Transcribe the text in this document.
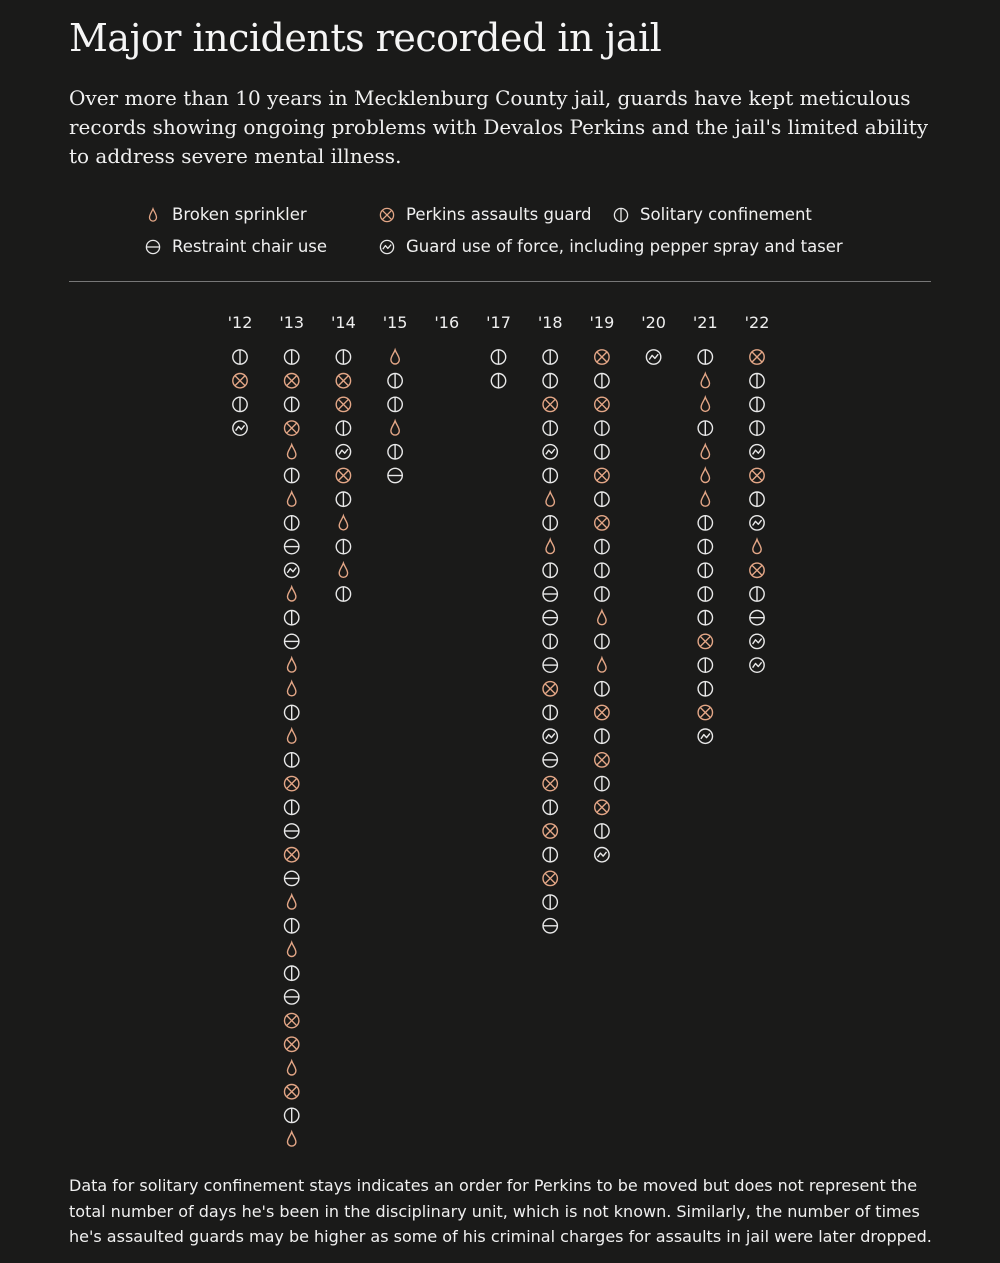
Major incidents recorded in jail

Over more than 10 years in Mecklenburg County jail, guards have kept meticulous records showing ongoing problems with Devalos Perkins and the jail's limited ability to address severe mental illness.

Broken sprinkler	Perkins assaults guard	Solitary confinement
Restraint chair use	Guard use of force, including pepper spray and taser
'12 '13 '14 '15 '16 '17 '18 '19 '20 '21 '22

Data for solitary confinement stays indicates an order for Perkins to be moved but does not represent the total number of days he's been in the disciplinary unit, which is not known. Similarly, the number of times he's assaulted guards may be higher as some of his criminal charges for assaults in jail were later dropped.
